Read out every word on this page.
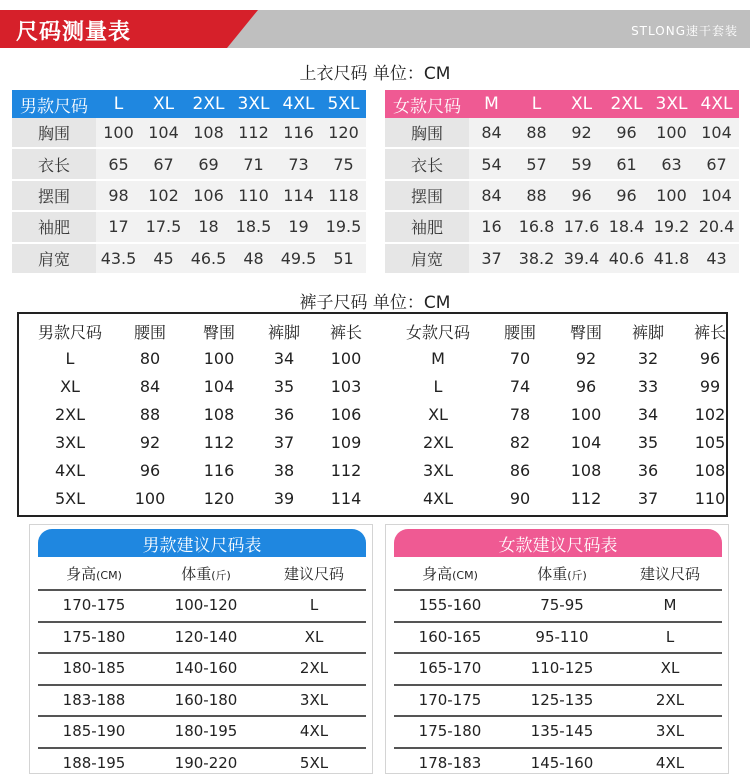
尺码测量表	STLONG速干套装
上衣尺码 单位：CM
男款尺码	L	XL	2XL 3XL 4XL 5XL
胸围	100 104 108 112 116 120
衣长	65	67	69	71	73	75
摆围	98	102 106 110 114 118
袖肥	17	17.5	18	18.5	19	19.5
肩宽	43.5	45	46.5	48	49.5	51
女款尺码	M	L	XL	2XL 3XL 4XL
胸围	84	88	92	96	100 104
衣长	54	57	59	61	63	67
摆围	84	88	96	96	100 104
袖肥	16	16.8 17.6 18.4 19.2 20.4
肩宽	37	38.2 39.4 40.6 41.8	43
裤子尺码 单位：CM
男款尺码	腰围	臀围	裤脚	裤长
L	80	100	34	100
XL	84	104	35	103
2XL	88	108	36	106
3XL	92	112	37	109
4XL	96	116	38	112
5XL	100	120	39	114
女款尺码	腰围	臀围	裤脚	裤长
M	70	92	32	96
L	74	96	33	99
XL	78	100	34	102
2XL	82	104	35	105
3XL	86	108	36	108
4XL	90	112	37	110
男款建议尺码表
身高(CM)	体重(斤)	建议尺码
170-175	100-120	L
175-180	120-140	XL
180-185	140-160	2XL
183-188	160-180	3XL
185-190	180-195	4XL
188-195	190-220	5XL
女款建议尺码表
身高(CM)	体重(斤)	建议尺码
155-160	75-95	M
160-165	95-110	L
165-170	110-125	XL
170-175	125-135	2XL
175-180	135-145	3XL
178-183	145-160	4XL
